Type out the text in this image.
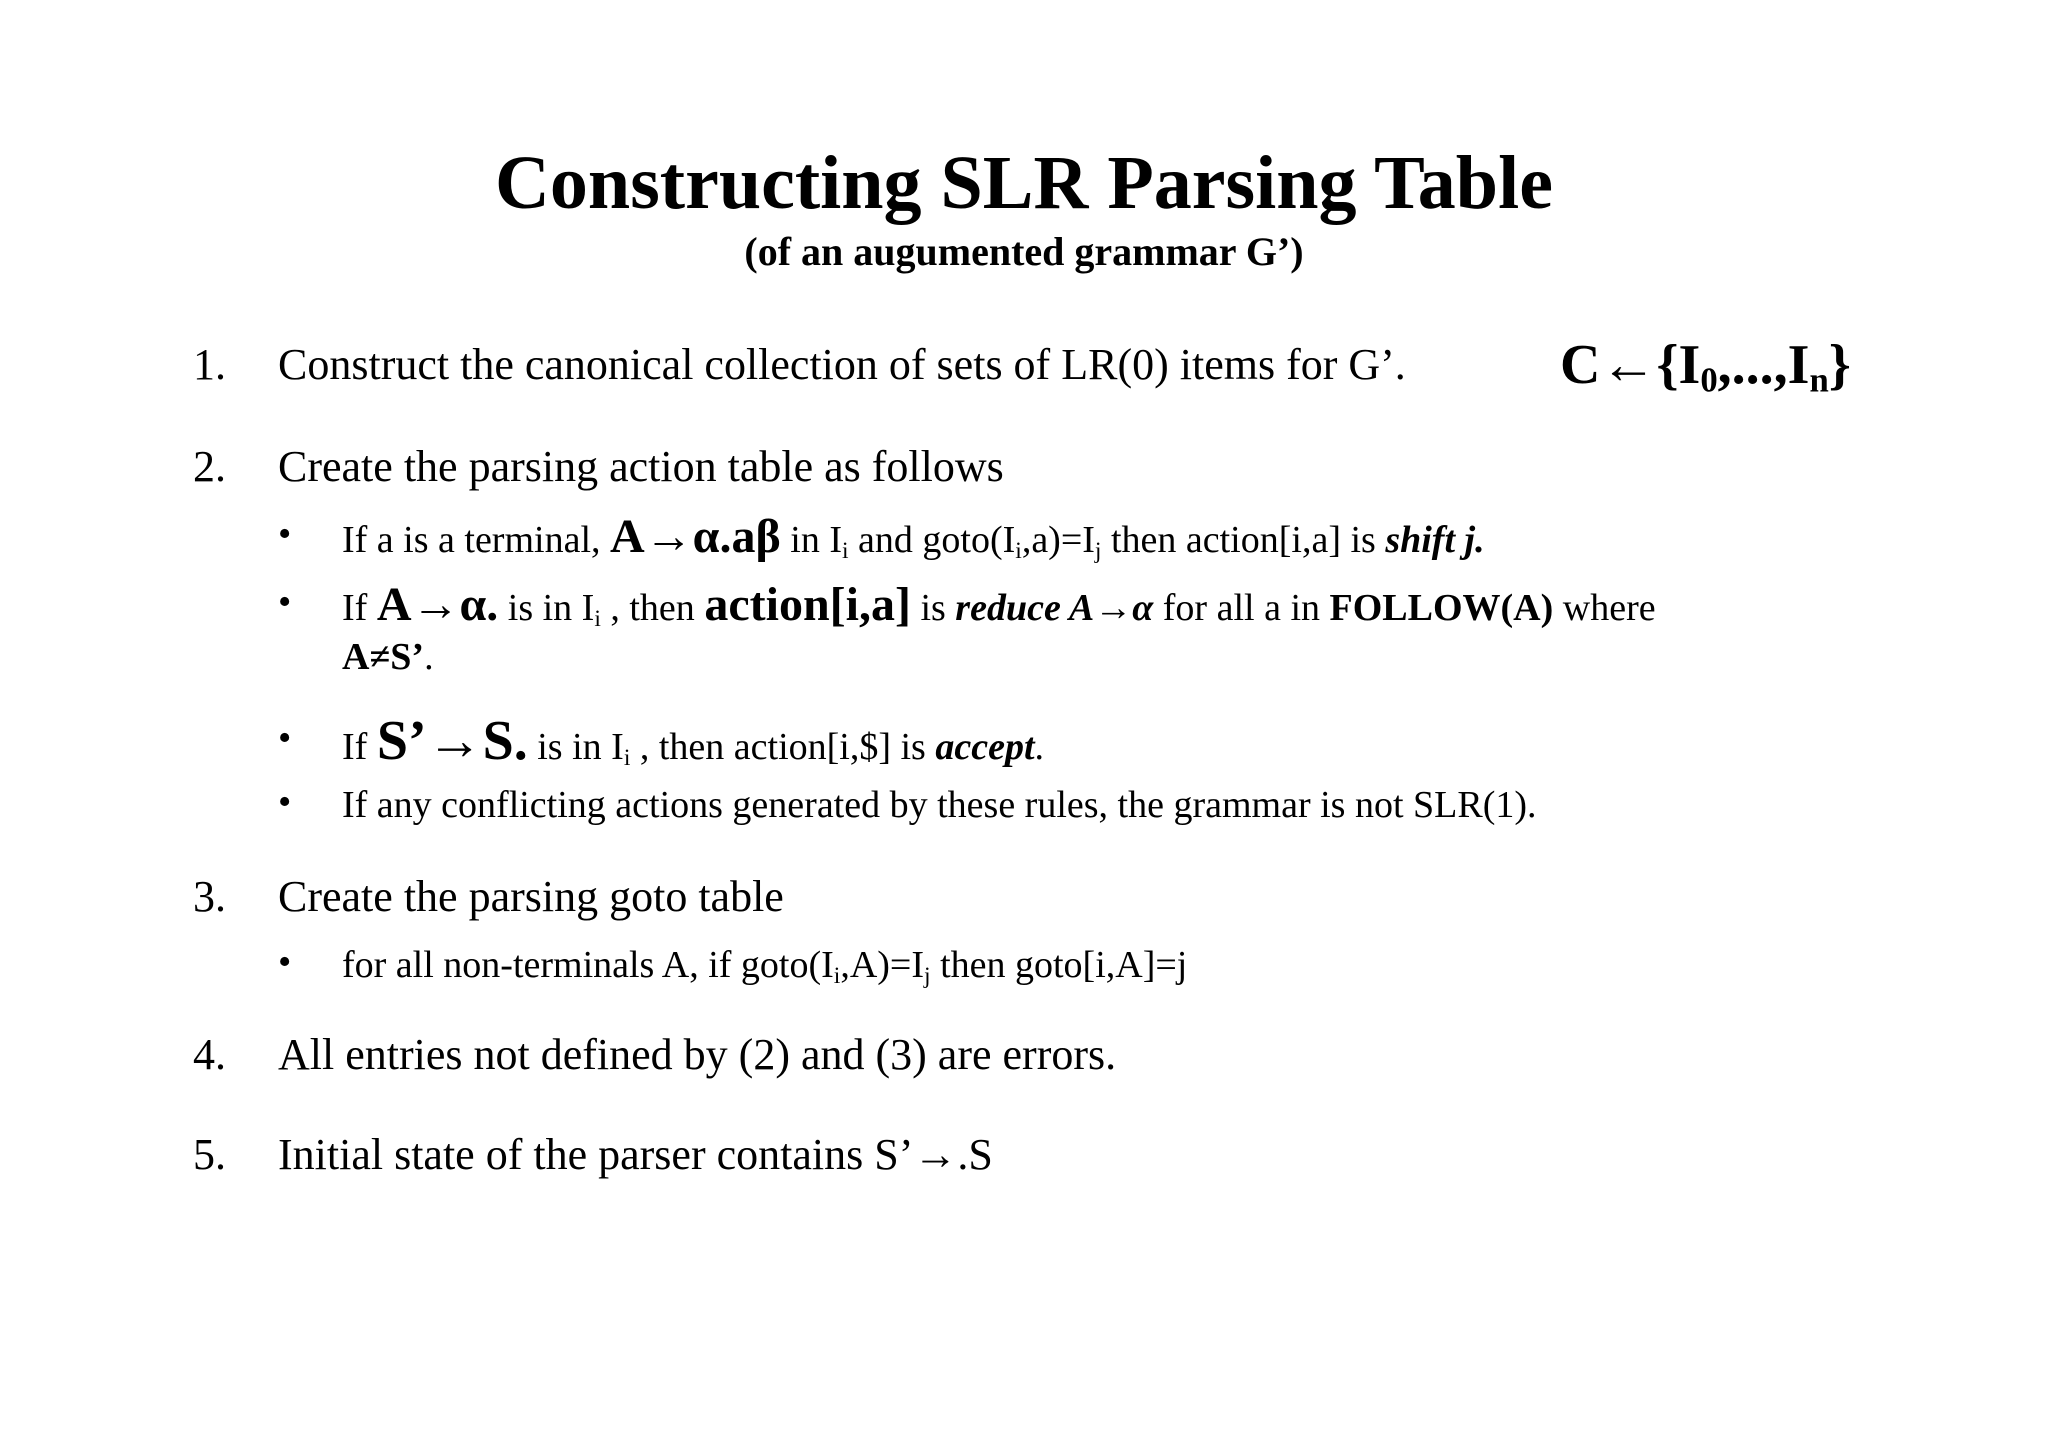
Constructing SLR Parsing Table
(of an augumented grammar G’)
1. Construct the canonical collection of sets of LR(0) items for G’.	$C\leftarrow\{I_0,...,I_n\}$
2. Create the parsing action table as follows
• If a is a terminal, A→α.aβ in $I_i$ and $goto(I_i,a)=I_j$ then action[i,a] is shift j.
• If A→α. is in $I_i$ , then action[i,a] is reduce A→α for all a in FOLLOW(A) where
A≠S’.
• If S’→S. is in $I_i$ , then action[i,$] is accept.
• If any conflicting actions generated by these rules, the grammar is not SLR(1).
3. Create the parsing goto table
• for all non-terminals A, if $goto(I_i,A)=I_j$ then goto[i,A]=j
4. All entries not defined by (2) and (3) are errors.
5. Initial state of the parser contains S’→.S
